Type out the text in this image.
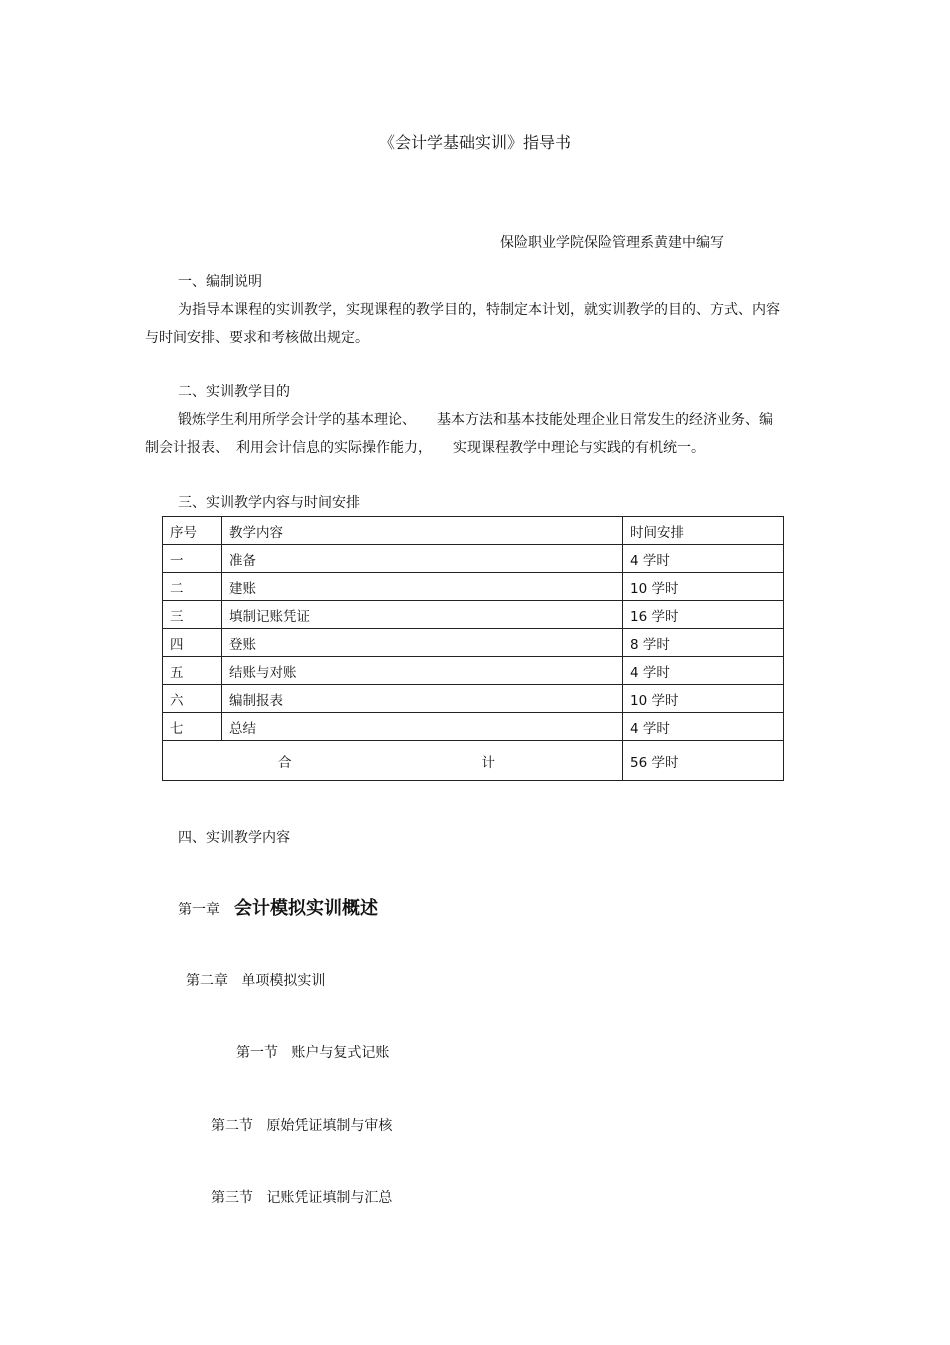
《会计学基础实训》指导书
保险职业学院保险管理系黄建中编写
一、编制说明
为指导本课程的实训教学，实现课程的教学目的，特制定本计划，就实训教学的目的、方式、内容与时间安排、要求和考核做出规定。
二、实训教学目的
锻炼学生利用所学会计学的基本理论、　　基本方法和基本技能处理企业日常发生的经济业务、编制会计报表、　利用会计信息的实际操作能力，　　实现课程教学中理论与实践的有机统一。
三、实训教学内容与时间安排
序号	教学内容	时间安排
一	准备	4 学时
二	建账	10 学时
三	填制记账凭证	16 学时
四	登账	8 学时
五	结账与对账	4 学时
六	编制报表	10 学时
七	总结	4 学时

合 计		56 学时
四、实训教学内容
第一章 会计模拟实训概述
第二章 单项模拟实训
第一节 账户与复式记账
第二节 原始凭证填制与审核
第三节 记账凭证填制与汇总
